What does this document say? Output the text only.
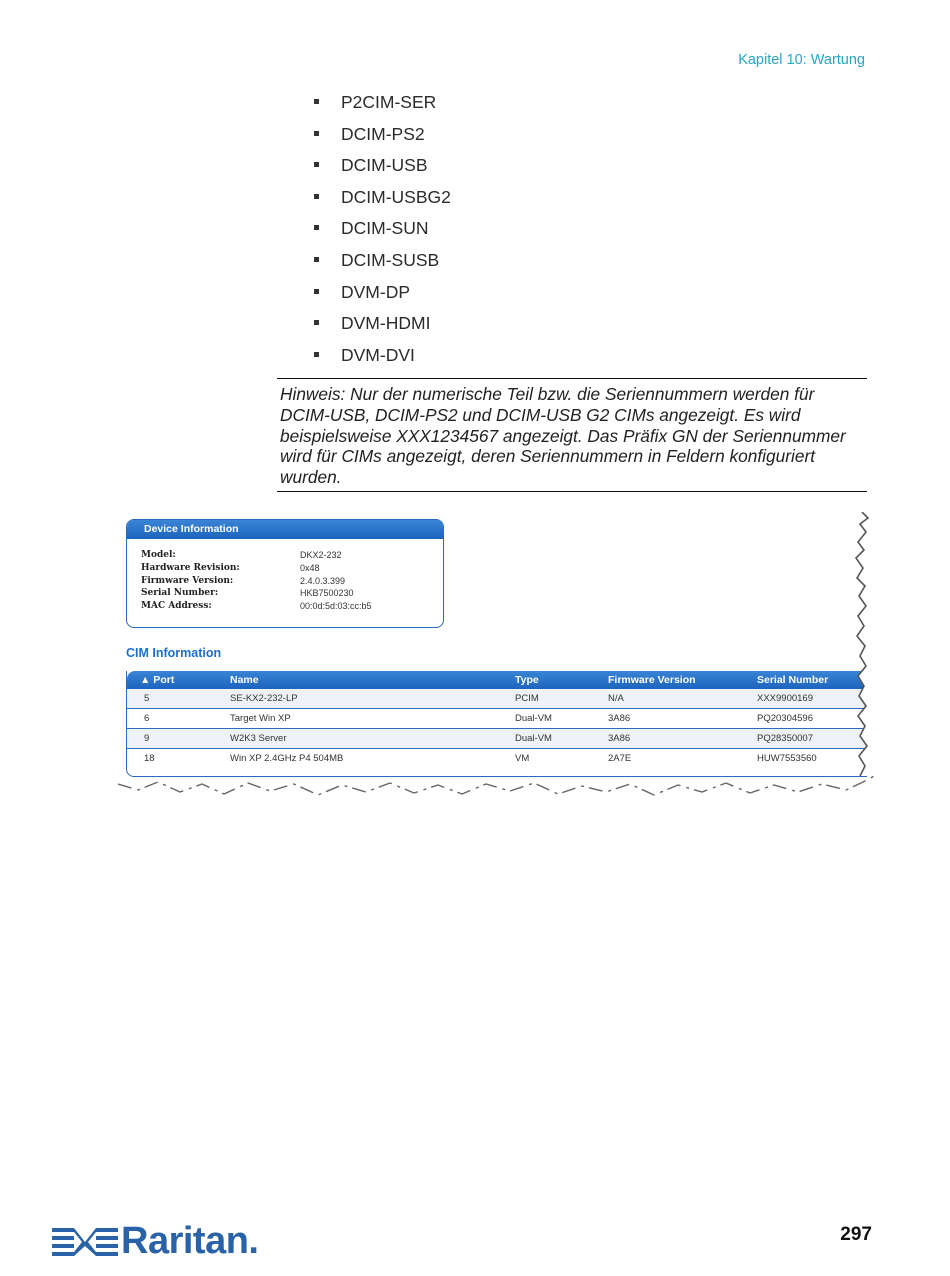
Kapitel 10: Wartung
P2CIM-SER
DCIM-PS2
DCIM-USB
DCIM-USBG2
DCIM-SUN
DCIM-SUSB
DVM-DP
DVM-HDMI
DVM-DVI
Hinweis: Nur der numerische Teil bzw. die Seriennummern werden für DCIM-USB, DCIM-PS2 und DCIM-USB G2 CIMs angezeigt. Es wird beispielsweise XXX1234567 angezeigt. Das Präfix GN der Seriennummer wird für CIMs angezeigt, deren Seriennummern in Feldern konfiguriert wurden.
Device Information
Model:	DKX2-232
Hardware Revision:	0x48
Firmware Version:	2.4.0.3.399
Serial Number:	HKB7500230
MAC Address:	00:0d:5d:03:cc:b5
CIM Information
▲ Port	Name	Type	Firmware Version	Serial Number
5	SE-KX2-232-LP	PCIM	N/A	XXX9900169
6	Target Win XP	Dual-VM	3A86	PQ20304596
9	W2K3 Server	Dual-VM	3A86	PQ28350007
18	Win XP 2.4GHz P4 504MB	VM	2A7E	HUW7553560
Raritan.	297
